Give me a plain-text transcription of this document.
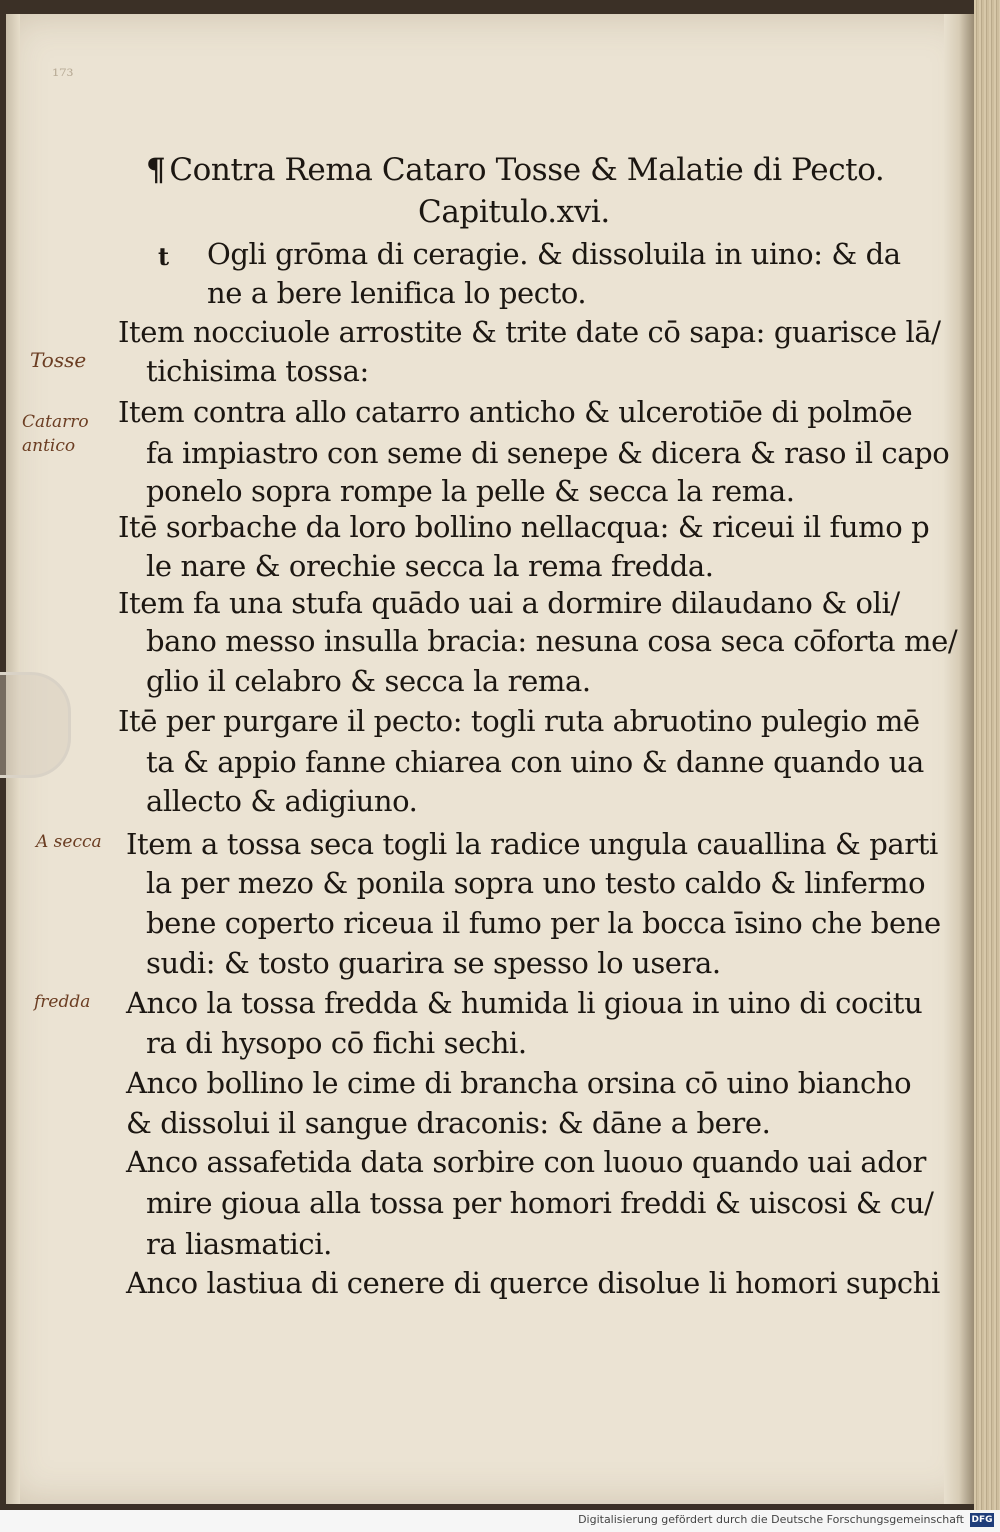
¹⁷³
¶ Contra Rema Cataro Tosse & Malatie di Pecto.
Capitulo.xvi.
t Ogli grōma di ceragie. & dissoluila in uino: & da
ne a bere lenifica lo pecto.
Item nocciuole arrostite & trite date cō sapa: guarisce lā/
tichisima tossa:
Item contra allo catarro anticho & ulcerotiōe di polmōe
fa impiastro con seme di senepe & dicera & raso il capo
ponelo sopra rompe la pelle & secca la rema.
Itē sorbache da loro bollino nellacqua: & riceui il fumo p
le nare & orechie secca la rema fredda.
Item fa una stufa quādo uai a dormire dilaudano & oli/
bano messo insulla bracia: nesuna cosa seca cōforta me/
glio il celabro & secca la rema.
Itē per purgare il pecto: togli ruta abruotino pulegio mē
ta & appio fanne chiarea con uino & danne quando ua
allecto & adigiuno.
Item a tossa seca togli la radice ungula cauallina & parti
la per mezo & ponila sopra uno testo caldo & linfermo
bene coperto riceua il fumo per la bocca īsino che bene
sudi: & tosto guarira se spesso lo usera.
Anco la tossa fredda & humida li gioua in uino di cocitu
ra di hysopo cō fichi sechi.
Anco bollino le cime di brancha orsina cō uino biancho
& dissolui il sangue draconis: & dāne a bere.
Anco assafetida data sorbire con luouo quando uai ador
mire gioua alla tossa per homori freddi & uiscosi & cu/
ra liasmatici.
Anco lastiua di cenere di querce disolue li homori supchi
Tosse
Catarro
antico
A secca
fredda
Digitalisierung gefördert durch die Deutsche Forschungsgemeinschaft DFG
